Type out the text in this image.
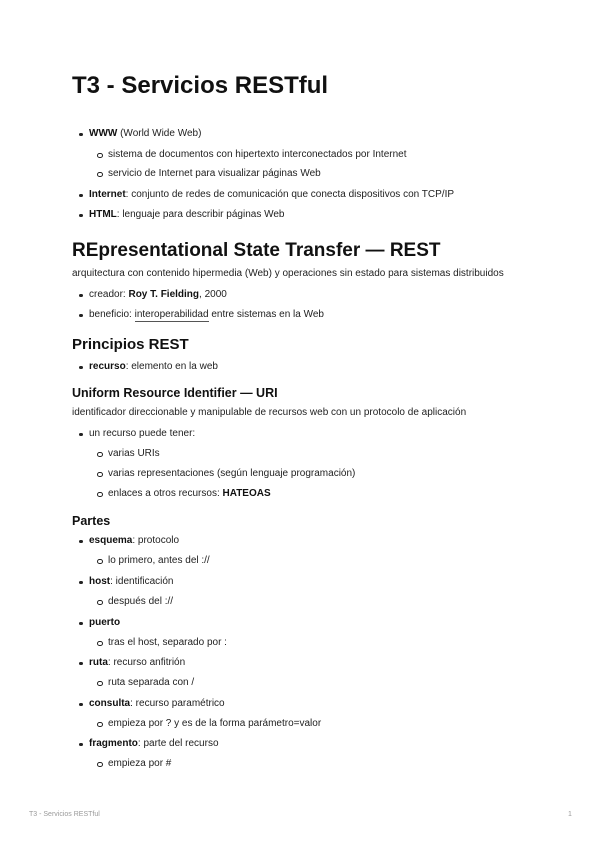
T3 - Servicios RESTful
WWW (World Wide Web)
sistema de documentos con hipertexto interconectados por Internet
servicio de Internet para visualizar páginas Web
Internet: conjunto de redes de comunicación que conecta dispositivos con TCP/IP
HTML: lenguaje para describir páginas Web
REpresentational State Transfer — REST
arquitectura con contenido hipermedia (Web) y operaciones sin estado para sistemas distribuidos
creador: Roy T. Fielding, 2000
beneficio: interoperabilidad entre sistemas en la Web
Principios REST
recurso: elemento en la web
Uniform Resource Identifier — URI
identificador direccionable y manipulable de recursos web con un protocolo de aplicación
un recurso puede tener:
varias URIs
varias representaciones (según lenguaje programación)
enlaces a otros recursos: HATEOAS
Partes
esquema: protocolo
lo primero, antes del ://
host: identificación
después del ://
puerto
tras el host, separado por :
ruta: recurso anfitrión
ruta separada con /
consulta: recurso paramétrico
empieza por ? y es de la forma parámetro=valor
fragmento: parte del recurso
empieza por #
T3 - Servicios RESTful	1
